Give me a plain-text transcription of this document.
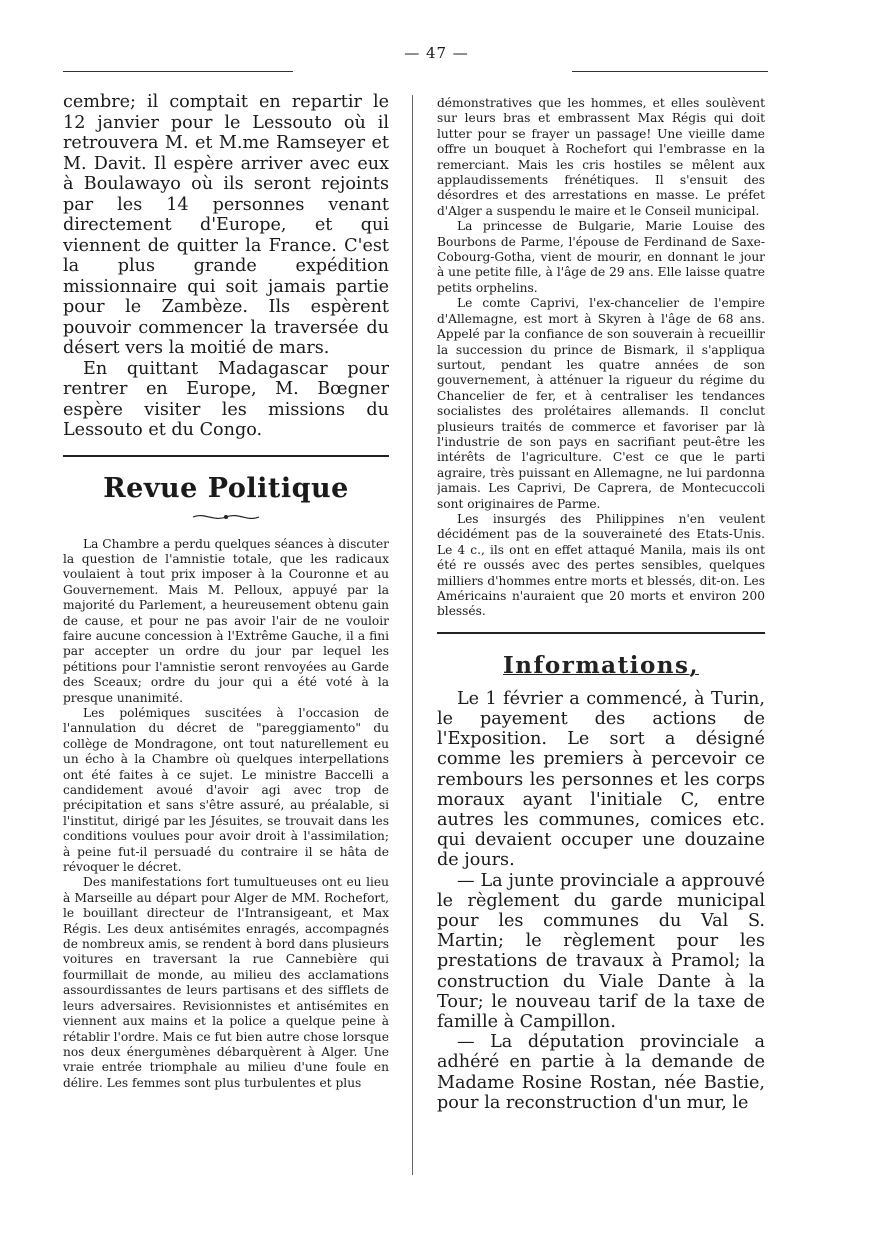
— 47 —

cembre; il comptait en repartir le 12 janvier pour le Lessouto où il retrouvera M. et M.me Ramseyer et M. Davit. Il espère arriver avec eux à Boulawayo où ils seront rejoints par les 14 personnes venant directement d'Europe, et qui viennent de quitter la France. C'est la plus grande expédition missionnaire qui soit jamais partie pour le Zambèze. Ils espèrent pouvoir commencer la traversée du désert vers la moitié de mars.

En quittant Madagascar pour rentrer en Europe, M. Bœgner espère visiter les missions du Lessouto et du Congo.

Revue Politique

La Chambre a perdu quelques séances à discuter la question de l'amnistie totale, que les radicaux voulaient à tout prix imposer à la Couronne et au Gouvernement. Mais M. Pelloux, appuyé par la majorité du Parlement, a heureusement obtenu gain de cause, et pour ne pas avoir l'air de ne vouloir faire aucune concession à l'Extrême Gauche, il a fini par accepter un ordre du jour par lequel les pétitions pour l'amnistie seront renvoyées au Garde des Sceaux; ordre du jour qui a été voté à la presque unanimité.

Les polémiques suscitées à l'occasion de l'annulation du décret de "pareggiamento" du collège de Mondragone, ont tout naturellement eu un écho à la Chambre où quelques interpellations ont été faites à ce sujet. Le ministre Baccelli a candidement avoué d'avoir agi avec trop de précipitation et sans s'être assuré, au préalable, si l'institut, dirigé par les Jésuites, se trouvait dans les conditions voulues pour avoir droit à l'assimilation; à peine fut-il persuadé du contraire il se hâta de révoquer le décret.

Des manifestations fort tumultueuses ont eu lieu à Marseille au départ pour Alger de MM. Rochefort, le bouillant directeur de l'Intransigeant, et Max Régis. Les deux antisémites enragés, accompagnés de nombreux amis, se rendent à bord dans plusieurs voitures en traversant la rue Cannebière qui fourmillait de monde, au milieu des acclamations assourdissantes de leurs partisans et des sifflets de leurs adversaires. Revisionnistes et antisémites en viennent aux mains et la police a quelque peine à rétablir l'ordre. Mais ce fut bien autre chose lorsque nos deux énergumènes débarquèrent à Alger. Une vraie entrée triomphale au milieu d'une foule en délire. Les femmes sont plus turbulentes et plus

démonstratives que les hommes, et elles soulèvent sur leurs bras et embrassent Max Régis qui doit lutter pour se frayer un passage! Une vieille dame offre un bouquet à Rochefort qui l'embrasse en la remerciant. Mais les cris hostiles se mêlent aux applaudissements frénétiques. Il s'ensuit des désordres et des arrestations en masse. Le préfet d'Alger a suspendu le maire et le Conseil municipal.

La princesse de Bulgarie, Marie Louise des Bourbons de Parme, l'épouse de Ferdinand de Saxe-Cobourg-Gotha, vient de mourir, en donnant le jour à une petite fille, à l'âge de 29 ans. Elle laisse quatre petits orphelins.

Le comte Caprivi, l'ex-chancelier de l'empire d'Allemagne, est mort à Skyren à l'âge de 68 ans. Appelé par la confiance de son souverain à recueillir la succession du prince de Bismark, il s'appliqua surtout, pendant les quatre années de son gouvernement, à atténuer la rigueur du régime du Chancelier de fer, et à centraliser les tendances socialistes des prolétaires allemands. Il conclut plusieurs traités de commerce et favoriser par là l'industrie de son pays en sacrifiant peut-être les intérêts de l'agriculture. C'est ce que le parti agraire, très puissant en Allemagne, ne lui pardonna jamais. Les Caprivi, De Caprera, de Montecuccoli sont originaires de Parme.

Les insurgés des Philippines n'en veulent décidément pas de la souveraineté des Etats-Unis. Le 4 c., ils ont en effet attaqué Manila, mais ils ont été re oussés avec des pertes sensibles, quelques milliers d'hommes entre morts et blessés, dit-on. Les Américains n'auraient que 20 morts et environ 200 blessés.

Informations,

Le 1 février a commencé, à Turin, le payement des actions de l'Exposition. Le sort a désigné comme les premiers à percevoir ce rembours les personnes et les corps moraux ayant l'initiale C, entre autres les communes, comices etc. qui devaient occuper une douzaine de jours.

— La junte provinciale a approuvé le règlement du garde municipal pour les communes du Val S. Martin; le règlement pour les prestations de travaux à Pramol; la construction du Viale Dante à la Tour; le nouveau tarif de la taxe de famille à Campillon.

— La députation provinciale a adhéré en partie à la demande de Madame Rosine Rostan, née Bastie, pour la reconstruction d'un mur, le
